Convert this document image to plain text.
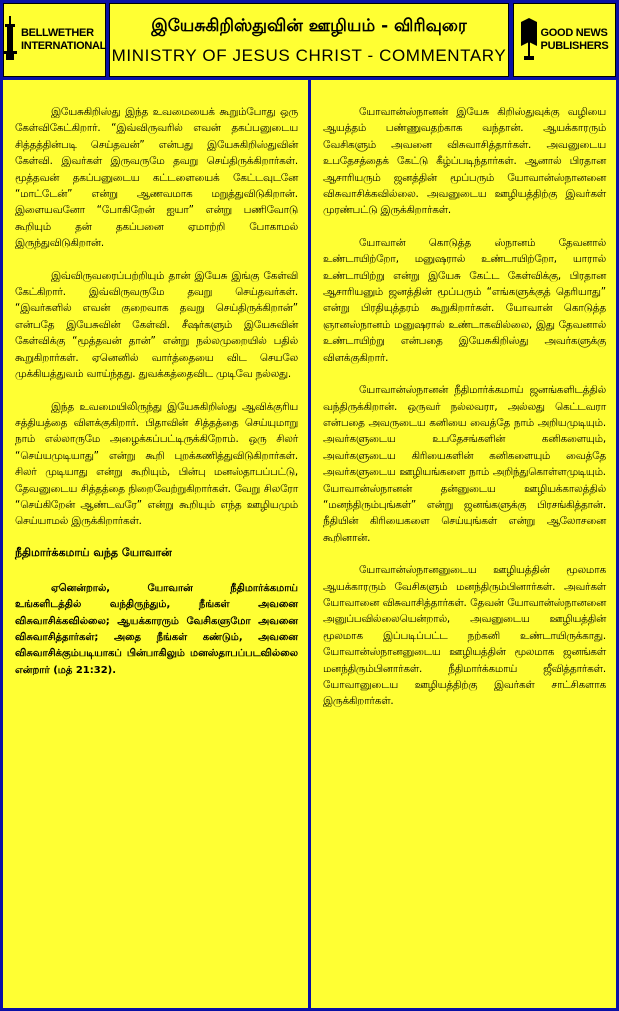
BELLWETHER
INTERNATIONAL
இயேசுகிறிஸ்துவின் ஊழியம் - விரிவுரை
MINISTRY OF JESUS CHRIST - COMMENTARY
GOOD NEWS
PUBLISHERS

இயேசுகிறிஸ்து இந்த உவமையைக் கூறும்போது ஒரு கேள்விகேட்கிறார். “இவ்விருவரில் எவன் தகப்பனுடைய சித்தத்தின்படி செய்தவன்” என்பது இயேசுகிறிஸ்துவின் கேள்வி. இவர்கள் இருவருமே தவறு செய்திருக்கிறார்கள். மூத்தவன் தகப்பனுடைய கட்டளையைக் கேட்டவுடனே “மாட்டேன்” என்று ஆணவமாக மறுத்துவிடுகிறான். இளையவனோ “போகிறேன் ஐயா” என்று பணிவோடு கூறியும் தன் தகப்பனை ஏமாற்றி போகாமல் இருந்துவிடுகிறான்.

இவ்விருவரைப்பற்றியும் தான் இயேசு இங்கு கேள்வி கேட்கிறார். இவ்விருவருமே தவறு செய்தவர்கள். “இவர்களில் எவன் குறைவாக தவறு செய்திருக்கிறான்” என்பதே இயேசுவின் கேள்வி. சீஷர்களும் இயேசுவின் கேள்விக்கு “மூத்தவன் தான்” என்று நல்லமுறையில் பதில் கூறுகிறார்கள். ஏனெனில் வார்த்தையை விட செயலே முக்கியத்துவம் வாய்ந்தது. துவக்கத்தைவிட முடிவே நல்லது.

இந்த உவமையிலிருந்து இயேசுகிறிஸ்து ஆவிக்குரிய சத்தியத்தை விளக்குகிறார். பிதாவின் சித்தத்தை செய்யுமாறு நாம் எல்லாருமே அழைக்கப்பட்டிருக்கிறோம். ஒரு சிலர் “செய்யமுடியாது” என்று கூறி புறக்கணித்துவிடுகிறார்கள். சிலர் முடியாது என்று கூறியும், பின்பு மனஸ்தாபப்பட்டு, தேவனுடைய சித்தத்தை நிறைவேற்றுகிறார்கள். வேறு சிலரோ “செய்கிறேன் ஆண்டவரே” என்று கூறியும் எந்த ஊழியமும் செய்யாமல் இருக்கிறார்கள்.

நீதிமார்க்கமாய் வந்த யோவான்

ஏனென்றால், யோவான் நீதிமார்க்கமாய் உங்களிடத்தில் வந்திருந்தும், நீங்கள் அவனை விசுவாசிக்கவில்லை; ஆயக்காரரும் வேசிகளுமோ அவனை விசுவாசித்தார்கள்; அதை நீங்கள் கண்டும், அவனை விசுவாசிக்கும்படியாகப் பின்பாகிலும் மனஸ்தாபப்படவில்லை என்றார் (மத் 21:32).

யோவான்ஸ்நானன் இயேசு கிறிஸ்துவுக்கு வழியை ஆயத்தம் பண்ணுவதற்காக வந்தான். ஆயக்காரரும் வேசிகளும் அவனை விசுவாசித்தார்கள். அவனுடைய உபதேசத்தைக் கேட்டு கீழ்ப்படிந்தார்கள். ஆனால் பிரதான ஆசாரியரும் ஜனத்தின் மூப்பரும் யோவான்ஸ்நானனை விசுவாசிக்கவில்லை. அவனுடைய ஊழியத்திற்கு இவர்கள் முரண்பட்டு இருக்கிறார்கள்.

யோவான் கொடுத்த ஸ்நானம் தேவனால் உண்டாயிற்றோ, மனுஷரால் உண்டாயிற்றோ, யாரால் உண்டாயிற்று என்று இயேசு கேட்ட கேள்விக்கு, பிரதான ஆசாரியனும் ஜனத்தின் மூப்பரும் “எங்களுக்குத் தெரியாது” என்று பிரதியுத்தரம் கூறுகிறார்கள். யோவான் கொடுத்த ஞானஸ்நானம் மனுஷரால் உண்டாகவில்லை, இது தேவனால் உண்டாயிற்று என்பதை இயேசுகிறிஸ்து அவர்களுக்கு விளக்குகிறார்.

யோவான்ஸ்நானன் நீதிமார்க்கமாய் ஜனங்களிடத்தில் வந்திருக்கிறான். ஒருவர் நல்லவரா, அல்லது கெட்டவரா என்பதை அவருடைய கனியை வைத்தே நாம் அறியமுடியும். அவர்களுடைய உபதேசங்களின் கனிகளையும், அவர்களுடைய கிரியைகளின் கனிகளையும் வைத்தே அவர்களுடைய ஊழியங்களை நாம் அறிந்துகொள்ளமுடியும். யோவான்ஸ்நானன் தன்னுடைய ஊழியக்காலத்தில் “மனந்திரும்புங்கள்” என்று ஜனங்களுக்கு பிரசங்கித்தான். நீதியின் கிரியைகளை செய்யுங்கள் என்று ஆலோசனை கூறினான்.

யோவான்ஸ்நானனுடைய ஊழியத்தின் மூலமாக ஆயக்காரரும் வேசிகளும் மனந்திரும்பினார்கள். அவர்கள் யோவானை விசுவாசித்தார்கள். தேவன் யோவான்ஸ்நானனை அனுப்பவில்லையென்றால், அவனுடைய ஊழியத்தின் மூலமாக இப்படிப்பட்ட நற்கனி உண்டாயிருக்காது. யோவான்ஸ்நானனுடைய ஊழியத்தின் மூலமாக ஜனங்கள் மனந்திரும்பினார்கள். நீதிமார்க்கமாய் ஜீவித்தார்கள். யோவானுடைய ஊழியத்திற்கு இவர்கள் சாட்சிகளாக இருக்கிறார்கள்.
